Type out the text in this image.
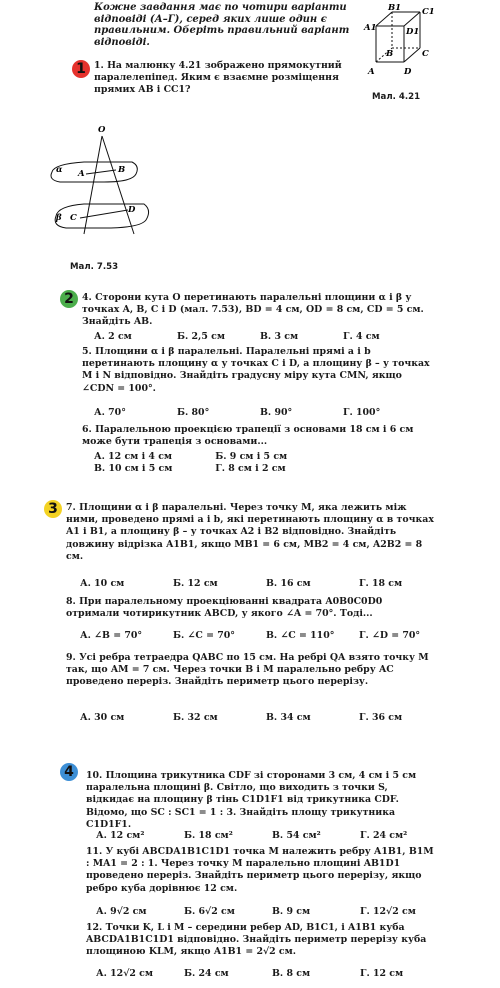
Кожне завдання має по чотири варіанти відповіді (А–Г), серед яких лише один є правильним. Оберіть правильний варіант відповіді.
B1 C1
A1	D1
B	C
A	D
Мал. 4.21
1 1. На малюнку 4.21 зображено прямокутний паралелепіпед. Яким є взаємне розміщення прямих AB і CC1?
O
α A	B
β C
D
Мал. 7.53
2 4. Сторони кута O перетинають паралельні площини α і β у точках A, B, C і D (мал. 7.53), BD = 4 см, OD = 8 см, CD = 5 см. Знайдіть AB.
А. 2 см	Б. 2,5 см	В. 3 см	Г. 4 см
5. Площини α і β паралельні. Паралельні прямі a і b перетинають площину α у точках C і D, а площину β – у точках M і N відповідно. Знайдіть градусну міру кута CMN, якщо ∠CDN = 100°.
А. 70°	Б. 80°	В. 90°	Г. 100°
6. Паралельною проекцією трапеції з основами 18 см і 6 см може бути трапеція з основами...
А. 12 см і 4 см	Б. 9 см і 5 см
В. 10 см і 5 см	Г. 8 см і 2 см
3 7. Площини α і β паралельні. Через точку M, яка лежить між ними, проведено прямі a і b, які перетинають площину α в точках A1 і B1, а площину β – у точках A2 і B2 відповідно. Знайдіть довжину відрізка A1B1, якщо MB1 = 6 см, MB2 = 4 см, A2B2 = 8 см.
А. 10 см	Б. 12 см	В. 16 см	Г. 18 см
8. При паралельному проекціюванні квадрата A0B0C0D0 отримали чотирикутник ABCD, у якого ∠A = 70°. Тоді...
А. ∠B = 70°	Б. ∠C = 70°	В. ∠C = 110°	Г. ∠D = 70°
9. Усі ребра тетраедра QABC по 15 см. На ребрі QA взято точку M так, що AM = 7 см. Через точки B і M паралельно ребру AC проведено переріз. Знайдіть периметр цього перерізу.
А. 30 см	Б. 32 см	В. 34 см	Г. 36 см
4	10. Площина трикутника CDF зі сторонами 3 см, 4 см і 5 см паралельна площині β. Світло, що виходить з точки S, відкидає на площину β тінь C1D1F1 від трикутника CDF. Відомо, що SC : SC1 = 1 : 3. Знайдіть площу трикутника C1D1F1.
А. 12 см²	Б. 18 см²	В. 54 см²	Г. 24 см²
11. У кубі ABCDA1B1C1D1 точка M належить ребру A1B1, B1M : MA1 = 2 : 1. Через точку M паралельно площині AB1D1 проведено переріз. Знайдіть периметр цього перерізу, якщо ребро куба дорівнює 12 см.
А. 9√2 см	Б. 6√2 см	В. 9 см	Г. 12√2 см
12. Точки K, L і M – середини ребер AD, B1C1, і A1B1 куба ABCDA1B1C1D1 відповідно. Знайдіть периметр перерізу куба площиною KLM, якщо A1B1 = 2√2 см.
А. 12√2 см	Б. 24 см	В. 8 см	Г. 12 см
